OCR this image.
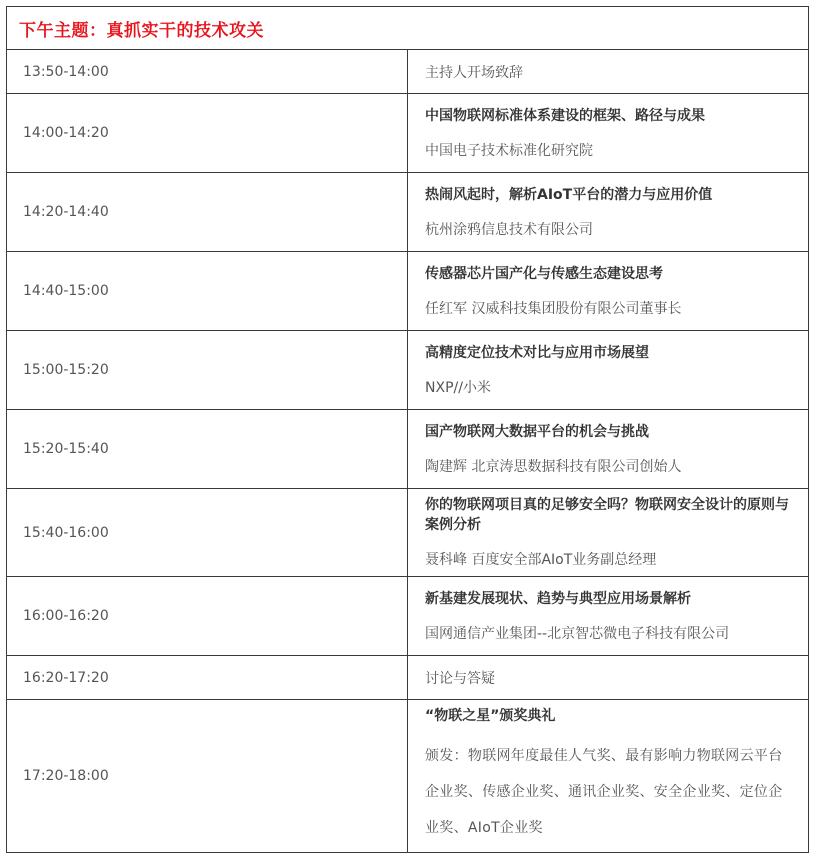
下午主题：真抓实干的技术攻关	
13:50-14:00	主持人开场致辞
14:00-14:20	中国物联网标准体系建设的框架、路径与成果
中国电子技术标准化研究院

14:20-14:40	热闹风起时，解析AIoT平台的潜力与应用价值
杭州涂鸦信息技术有限公司

14:40-15:00	传感器芯片国产化与传感生态建设思考
任红军 汉威科技集团股份有限公司董事长

15:00-15:20	高精度定位技术对比与应用市场展望
NXP//小米

15:20-15:40	国产物联网大数据平台的机会与挑战
陶建辉 北京涛思数据科技有限公司创始人

15:40-16:00	你的物联网项目真的足够安全吗？物联网安全设计的原则与案例分析
聂科峰 百度安全部AIoT业务副总经理

16:00-16:20	新基建发展现状、趋势与典型应用场景解析
国网通信产业集团--北京智芯微电子科技有限公司

16:20-17:20	讨论与答疑
17:20-18:00	“物联之星”颁奖典礼
颁发：物联网年度最佳人气奖、最有影响力物联网云平台企业奖、传感企业奖、通讯企业奖、安全企业奖、定位企业奖、AIoT企业奖
